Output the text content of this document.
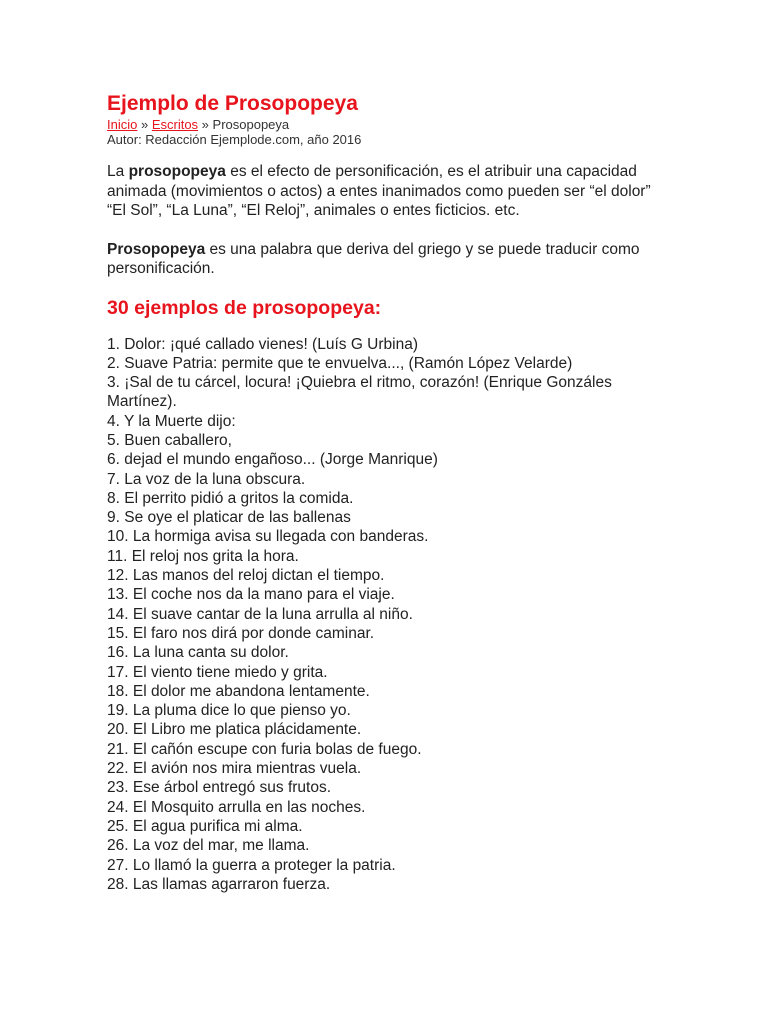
Ejemplo de Prosopopeya
Inicio » Escritos » Prosopopeya
Autor: Redacción Ejemplode.com, año 2016

La prosopopeya es el efecto de personificación, es el atribuir una capacidad animada (movimientos o actos) a entes inanimados como pueden ser “el dolor” “El Sol”, “La Luna”, “El Reloj”, animales o entes ficticios. etc.

Prosopopeya es una palabra que deriva del griego y se puede traducir como personificación.

30 ejemplos de prosopopeya:
1. Dolor: ¡qué callado vienes! (Luís G Urbina)
2. Suave Patria: permite que te envuelva..., (Ramón López Velarde)
3. ¡Sal de tu cárcel, locura! ¡Quiebra el ritmo, corazón! (Enrique Gonzáles Martínez).
4. Y la Muerte dijo:
5. Buen caballero,
6. dejad el mundo engañoso... (Jorge Manrique)
7. La voz de la luna obscura.
8. El perrito pidió a gritos la comida.
9. Se oye el platicar de las ballenas
10. La hormiga avisa su llegada con banderas.
11. El reloj nos grita la hora.
12. Las manos del reloj dictan el tiempo.
13. El coche nos da la mano para el viaje.
14. El suave cantar de la luna arrulla al niño.
15. El faro nos dirá por donde caminar.
16. La luna canta su dolor.
17. El viento tiene miedo y grita.
18. El dolor me abandona lentamente.
19. La pluma dice lo que pienso yo.
20. El Libro me platica plácidamente.
21. El cañón escupe con furia bolas de fuego.
22. El avión nos mira mientras vuela.
23. Ese árbol entregó sus frutos.
24. El Mosquito arrulla en las noches.
25. El agua purifica mi alma.
26. La voz del mar, me llama.
27. Lo llamó la guerra a proteger la patria.
28. Las llamas agarraron fuerza.
